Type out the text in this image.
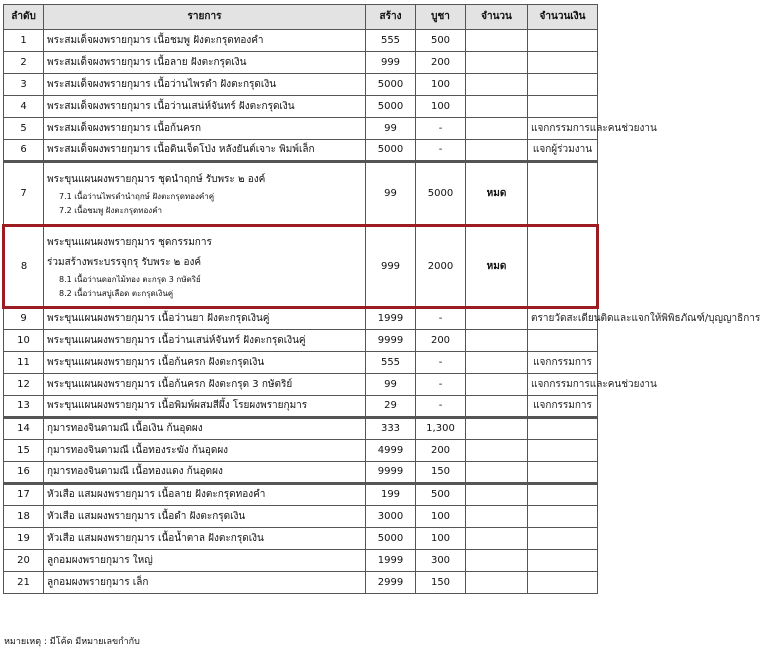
ลำดับ	รายการ	สร้าง	บูชา	จำนวน	จำนวนเงิน
1	พระสมเด็จผงพรายกุมาร เนื้อชมพู ฝังตะกรุดทองคำ	555	500		
2	พระสมเด็จผงพรายกุมาร เนื้อลาย ฝังตะกรุดเงิน	999	200		
3	พระสมเด็จผงพรายกุมาร เนื้อว่านไพรดำ ฝังตะกรุดเงิน	5000	100		
4	พระสมเด็จผงพรายกุมาร เนื้อว่านเสน่ห์จันทร์ ฝังตะกรุดเงิน	5000	100		
5	พระสมเด็จผงพรายกุมาร เนื้อก้นครก	99	-		แจกกรรมการและคนช่วยงาน
6	พระสมเด็จผงพรายกุมาร เนื้อดินเจ็ดโป่ง หลังยันต์เจาะ พิมพ์เล็ก	5000	-		แจกผู้ร่วมงาน
7	พระขุนแผนผงพรายกุมาร ชุดนำฤกษ์ รับพระ ๒ องค์
7.1 เนื้อว่านไพรดำนำฤกษ์ ฝังตะกรุดทองคำคู่
7.2 เนื้อชมพู ฝังตะกรุดทองคำ	99	5000	หมด	
8	พระขุนแผนผงพรายกุมาร ชุดกรรมการ
ร่วมสร้างพระบรรจุกรุ รับพระ ๒ องค์
8.1 เนื้อว่านดอกไม้ทอง ตะกรุด 3 กษัตริย์
8.2 เนื้อว่านสบู่เลือด ตะกรุดเงินคู่	999	2000	หมด	
9	พระขุนแผนผงพรายกุมาร เนื้อว่านยา ฝังตะกรุดเงินคู่	1999	-		ตรายวัดสะเดียนติดและแจกให้พิพิธภัณฑ์/บุญญาธิการ
10	พระขุนแผนผงพรายกุมาร เนื้อว่านเสน่ห์จันทร์ ฝังตะกรุดเงินคู่	9999	200		
11	พระขุนแผนผงพรายกุมาร เนื้อก้นครก ฝังตะกรุดเงิน	555	-		แจกกรรมการ
12	พระขุนแผนผงพรายกุมาร เนื้อก้นครก ฝังตะกรุด 3 กษัตริย์	99	-		แจกกรรมการและคนช่วยงาน
13	พระขุนแผนผงพรายกุมาร เนื้อพิมพ์ผสมสีผึ้ง โรยผงพรายกุมาร	29	-		แจกกรรมการ
14	กุมารทองจินดามณี เนื้อเงิน ก้นอุดผง	333	1,300		
15	กุมารทองจินดามณี เนื้อทองระฆัง ก้นอุดผง	4999	200		
16	กุมารทองจินดามณี เนื้อทองแดง ก้นอุดผง	9999	150		
17	หัวเสือ แสมผงพรายกุมาร เนื้อลาย ฝังตะกรุดทองคำ	199	500		
18	หัวเสือ แสมผงพรายกุมาร เนื้อดำ ฝังตะกรุดเงิน	3000	100		
19	หัวเสือ แสมผงพรายกุมาร เนื้อน้ำตาล ฝังตะกรุดเงิน	5000	100		
20	ลูกอมผงพรายกุมาร ใหญ่	1999	300		
21	ลูกอมผงพรายกุมาร เล็ก	2999	150		
หมายเหตุ : มีโค้ด มีหมายเลขกำกับ
